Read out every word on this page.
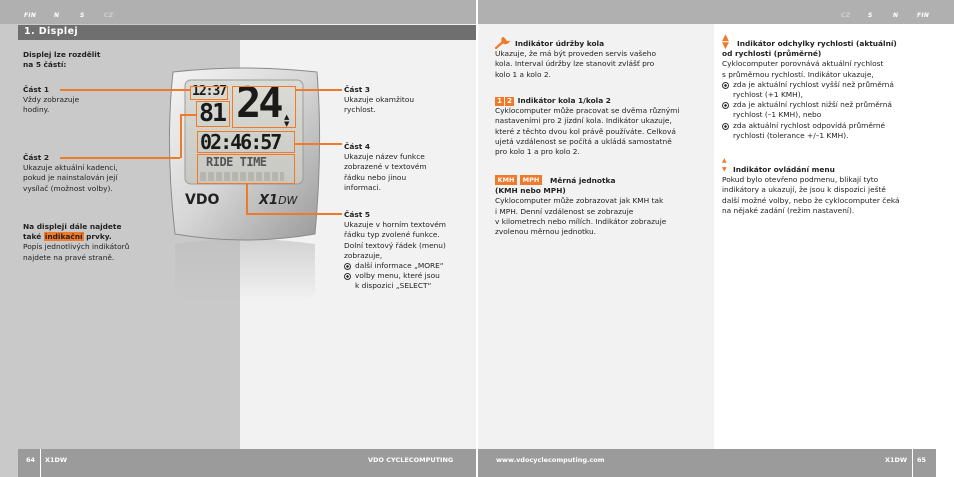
FIN	N	S	CZ	CZ	S	N	FIN
1. Displej
Displej lze rozdělit
na 5 částí:
Část 1
Vždy zobrazuje
hodiny.
Část 2
Ukazuje aktuální kadenci,
pokud je nainstalován její
vysílač (možnost volby).
Na displeji dále najdete
také indikační prvky.
Popis jednotlivých indikátorů
najdete na pravé straně.
VDO	X1DW
12:37 24
81	▲
▼
02:46:57
RIDE TIME
Část 3
Ukazuje okamžitou
rychlost.
Část 4
Ukazuje název funkce
zobrazené v textovém
řádku nebo jinou
informaci.
Část 5
Ukazuje v horním textovém
řádku typ zvolené funkce.
Dolní textový řádek (menu)
zobrazuje,
další informace „MORE“
volby menu, které jsou
k dispozici „SELECT“
Indikátor údržby kola
Ukazuje, že má být proveden servis vašeho
kola. Interval údržby lze stanovit zvlášť pro
kolo 1 a kolo 2.
1 2 Indikátor kola 1/kola 2
Cyklocomputer může pracovat se dvěma různými
nastaveními pro 2 jízdní kola. Indikátor ukazuje,
které z těchto dvou kol právě používáte. Celková
ujetá vzdálenost se počítá a ukládá samostatně
pro kolo 1 a pro kolo 2.
KMH	MPH	Měrná jednotka
(KMH nebo MPH)
Cyklocomputer může zobrazovat jak KMH tak
i MPH. Denní vzdálenost se zobrazuje
v kilometrech nebo mílích. Indikátor zobrazuje
zvolenou měrnou jednotku.
▲
▼	Indikátor odchylky rychlosti (aktuální)
od rychlosti (průměrné)
Cyklocomputer porovnává aktuální rychlost
s průměrnou rychlostí. Indikátor ukazuje,
zda je aktuální rychlost vyšší než průměrná
rychlost (+1 KMH),
zda je aktuální rychlost nižší než průměrná
rychlost (–1 KMH), nebo
zda aktuální rychlost odpovídá průměrné
rychlosti (tolerance +/–1 KMH).
▲
▼ Indikátor ovládání menu
Pokud bylo otevřeno podmenu, blikají tyto
indikátory a ukazují, že jsou k dispozici ještě
další možné volby, nebo že cyklocomputer čeká
na nějaké zadání (režim nastavení).
64 X1DW	VDO CYCLECOMPUTING	www.vdocyclecomputing.com	X1DW 65
